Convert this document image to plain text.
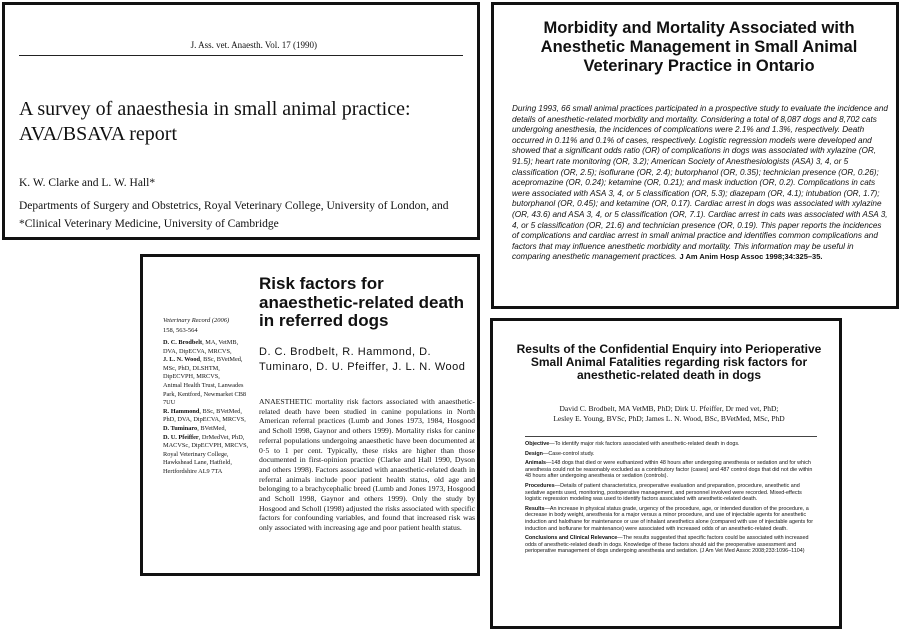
J. Ass. vet. Anaesth. Vol. 17 (1990)
A survey of anaesthesia in small animal practice: AVA/BSAVA report
K. W. Clarke and L. W. Hall*
Departments of Surgery and Obstetrics, Royal Veterinary College, University of London, and
*Clinical Veterinary Medicine, University of Cambridge
Morbidity and Mortality Associated with Anesthetic Management in Small Animal Veterinary Practice in Ontario
During 1993, 66 small animal practices participated in a prospective study to evaluate the incidence and details of anesthetic-related morbidity and mortality. Considering a total of 8,087 dogs and 8,702 cats undergoing anesthesia, the incidences of complications were 2.1% and 1.3%, respectively. Death occurred in 0.11% and 0.1% of cases, respectively. Logistic regression models were developed and showed that a significant odds ratio (OR) of complications in dogs was associated with xylazine (OR, 91.5); heart rate monitoring (OR, 3.2); American Society of Anesthesiologists (ASA) 3, 4, or 5 classification (OR, 2.5); isoflurane (OR, 2.4); butorphanol (OR, 0.35); technician presence (OR, 0.26); acepromazine (OR, 0.24); ketamine (OR, 0.21); and mask induction (OR, 0.2). Complications in cats were associated with ASA 3, 4, or 5 classification (OR, 5.3); diazepam (OR, 4.1); intubation (OR, 1.7); butorphanol (OR, 0.45); and ketamine (OR, 0.17). Cardiac arrest in dogs was associated with xylazine (OR, 43.6) and ASA 3, 4, or 5 classification (OR, 7.1). Cardiac arrest in cats was associated with ASA 3, 4, or 5 classification (OR, 21.6) and technician presence (OR, 0.19). This paper reports the incidences of complications and cardiac arrest in small animal practice and identifies common complications and factors that may influence anesthetic morbidity and mortality. This information may be useful in comparing anesthetic management practices. J Am Anim Hosp Assoc 1998;34:325–35.
Veterinary Record (2006)
158, 563-564
D. C. Brodbelt, MA, VetMB, DVA, DipECVA, MRCVS,
J. L. N. Wood, BSc, BVetMed, MSc, PhD, DLSHTM, DipECVPH, MRCVS,
Animal Health Trust, Lanwades Park, Kentford, Newmarket CB8 7UU
R. Hammond, BSc, BVetMed, PhD, DVA, DipECVA, MRCVS,
D. Tuminaro, BVetMed,
D. U. Pfeiffer, DrMedVet, PhD, MACVSc, DipECVPH, MRCVS,
Royal Veterinary College, Hawkshead Lane, Hatfield, Hertfordshire AL9 7TA
Risk factors for anaesthetic-related death in referred dogs
D. C. Brodbelt, R. Hammond, D. Tuminaro, D. U. Pfeiffer, J. L. N. Wood
ANAESTHETIC mortality risk factors associated with anaesthetic-related death have been studied in canine populations in North American referral practices (Lumb and Jones 1973, 1984, Hosgood and Scholl 1998, Gaynor and others 1999). Mortality risks for canine referral populations undergoing anaesthetic have been documented at 0·5 to 1 per cent. Typically, these risks are higher than those documented in first-opinion practice (Clarke and Hall 1990, Dyson and others 1998). Factors associated with anaesthetic-related death in referral animals include poor patient health status, old age and belonging to a brachycephalic breed (Lumb and Jones 1973, Hosgood and Scholl 1998, Gaynor and others 1999). Only the study by Hosgood and Scholl (1998) adjusted the risks associated with specific factors for confounding variables, and found that increased risk was only associated with increasing age and poor patient health status.
Results of the Confidential Enquiry into Perioperative Small Animal Fatalities regarding risk factors for anesthetic-related death in dogs
David C. Brodbelt, MA VetMB, PhD; Dirk U. Pfeiffer, Dr med vet, PhD;
Lesley E. Young, BVSc, PhD; James L. N. Wood, BSc, BVetMed, MSc, PhD

Objective—To identify major risk factors associated with anesthetic-related death in dogs.

Design—Case-control study.

Animals—148 dogs that died or were euthanized within 48 hours after undergoing anesthesia or sedation and for which anesthesia could not be reasonably excluded as a contributory factor (cases) and 487 control dogs that did not die within 48 hours after undergoing anesthesia or sedation (controls).

Procedures—Details of patient characteristics, preoperative evaluation and preparation, procedure, anesthetic and sedative agents used, monitoring, postoperative management, and personnel involved were recorded. Mixed-effects logistic regression modeling was used to identify factors associated with anesthetic-related death.

Results—An increase in physical status grade, urgency of the procedure, age, or intended duration of the procedure, a decrease in body weight, anesthesia for a major versus a minor procedure, and use of injectable agents for anesthetic induction and halothane for maintenance or use of inhalant anesthetics alone (compared with use of injectable agents for induction and isoflurane for maintenance) were associated with increased odds of an anesthetic-related death.

Conclusions and Clinical Relevance—The results suggested that specific factors could be associated with increased odds of anesthetic-related death in dogs. Knowledge of these factors should aid the preoperative assessment and perioperative management of dogs undergoing anesthesia and sedation. (J Am Vet Med Assoc 2008;233:1096–1104)
